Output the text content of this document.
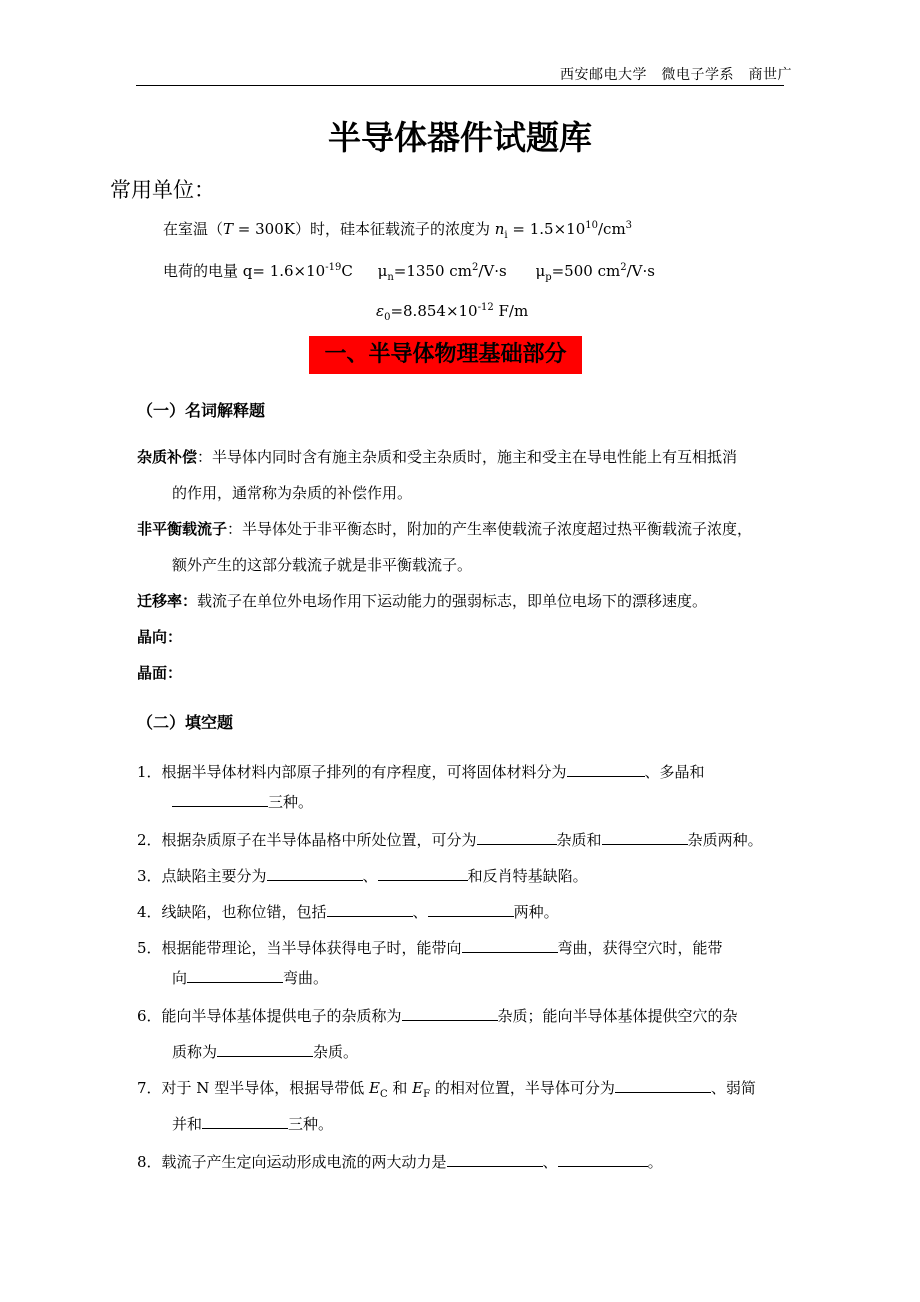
西安邮电大学　微电子学系　商世广
半导体器件试题库
常用单位：
在室温（T = 300K）时，硅本征载流子的浓度为 $n_i = 1.5\times 10^{10}/cm^3$
电荷的电量 $q= 1.6\times 10^{-19}C$ $\mu_n=1350$ $cm^2/V\cdot s$ $\mu_p=500$ $cm^2/V\cdot s$
$\varepsilon_0=8.854\times 10^{-12}$ F/m
一、半导体物理基础部分
（一）名词解释题
杂质补偿：半导体内同时含有施主杂质和受主杂质时，施主和受主在导电性能上有互相抵消
的作用，通常称为杂质的补偿作用。
非平衡载流子：半导体处于非平衡态时，附加的产生率使载流子浓度超过热平衡载流子浓度，
额外产生的这部分载流子就是非平衡载流子。
迁移率：载流子在单位外电场作用下运动能力的强弱标志，即单位电场下的漂移速度。
晶向：
晶面：
（二）填空题
1．根据半导体材料内部原子排列的有序程度，可将固体材料分为	、多晶和
三种。
2．根据杂质原子在半导体晶格中所处位置，可分为	杂质和	杂质两种。
3．点缺陷主要分为	、	和反肖特基缺陷。
4．线缺陷，也称位错，包括	、	两种。
5．根据能带理论，当半导体获得电子时，能带向	弯曲，获得空穴时，能带
向	弯曲。
6．能向半导体基体提供电子的杂质称为	杂质；能向半导体基体提供空穴的杂
质称为	杂质。
7．对于 N 型半导体，根据导带低 $E_C$ 和 $E_F$ 的相对位置，半导体可分为	、弱简
并和	三种。
8．载流子产生定向运动形成电流的两大动力是	、	。
